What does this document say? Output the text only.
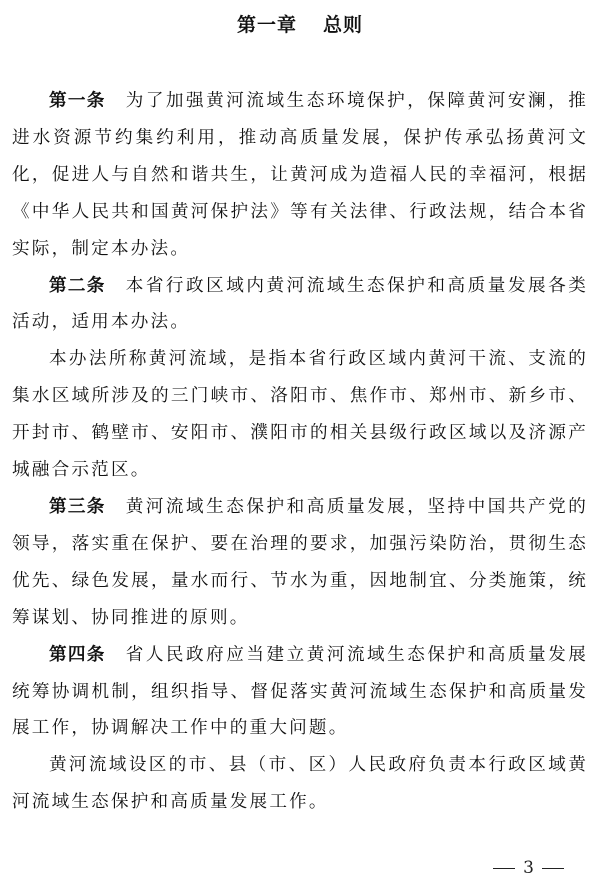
第一章 总则

第一条 为了加强黄河流域生态环境保护，保障黄河安澜，推进水资源节约集约利用，推动高质量发展，保护传承弘扬黄河文化，促进人与自然和谐共生，让黄河成为造福人民的幸福河，根据《中华人民共和国黄河保护法》等有关法律、行政法规，结合本省实际，制定本办法。

第二条 本省行政区域内黄河流域生态保护和高质量发展各类活动，适用本办法。

本办法所称黄河流域，是指本省行政区域内黄河干流、支流的集水区域所涉及的三门峡市、洛阳市、焦作市、郑州市、新乡市、开封市、鹤壁市、安阳市、濮阳市的相关县级行政区域以及济源产城融合示范区。

第三条 黄河流域生态保护和高质量发展，坚持中国共产党的领导，落实重在保护、要在治理的要求，加强污染防治，贯彻生态优先、绿色发展，量水而行、节水为重，因地制宜、分类施策，统筹谋划、协同推进的原则。

第四条 省人民政府应当建立黄河流域生态保护和高质量发展统筹协调机制，组织指导、督促落实黄河流域生态保护和高质量发展工作，协调解决工作中的重大问题。

黄河流域设区的市、县（市、区）人民政府负责本行政区域黄河流域生态保护和高质量发展工作。

3
